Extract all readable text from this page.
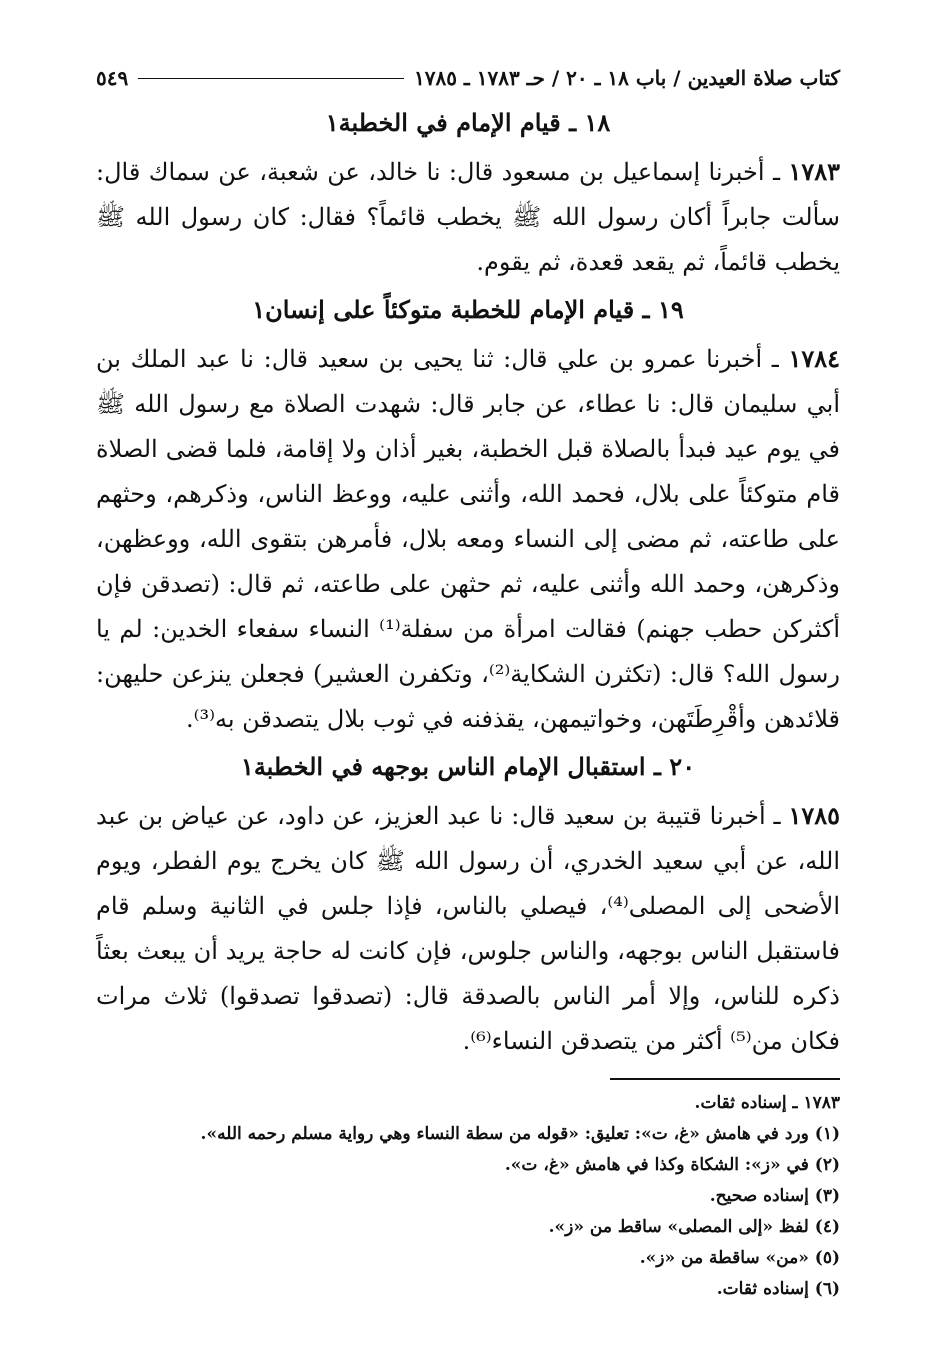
كتاب صلاة العيدين / باب ١٨ ـ ٢٠ / حـ ١٧٨٣ ـ ١٧٨٥
٥٤٩
١٨ ـ قيام الإمام في الخطبة١

١٧٨٣ ـ أخبرنا إسماعيل بن مسعود قال: نا خالد، عن شعبة، عن سماك قال: سألت جابراً أكان رسول الله ﷺ يخطب قائماً؟ فقال: كان رسول الله ﷺ يخطب قائماً، ثم يقعد قعدة، ثم يقوم.

١٩ ـ قيام الإمام للخطبة متوكئاً على إنسان١

١٧٨٤ ـ أخبرنا عمرو بن علي قال: ثنا يحيى بن سعيد قال: نا عبد الملك بن أبي سليمان قال: نا عطاء، عن جابر قال: شهدت الصلاة مع رسول الله ﷺ في يوم عيد فبدأ بالصلاة قبل الخطبة، بغير أذان ولا إقامة، فلما قضى الصلاة قام متوكئاً على بلال، فحمد الله، وأثنى عليه، ووعظ الناس، وذكرهم، وحثهم على طاعته، ثم مضى إلى النساء ومعه بلال، فأمرهن بتقوى الله، ووعظهن، وذكرهن، وحمد الله وأثنى عليه، ثم حثهن على طاعته، ثم قال: (تصدقن فإن أكثركن حطب جهنم) فقالت امرأة من سفلة⁽¹⁾ النساء سفعاء الخدين: لم يا رسول الله؟ قال: (تكثرن الشكاية⁽²⁾، وتكفرن العشير) فجعلن ينزعن حليهن: قلائدهن وأقْرِطَتَهن، وخواتيمهن، يقذفنه في ثوب بلال يتصدقن به⁽³⁾.

٢٠ ـ استقبال الإمام الناس بوجهه في الخطبة١

١٧٨٥ ـ أخبرنا قتيبة بن سعيد قال: نا عبد العزيز، عن داود، عن عياض بن عبد الله، عن أبي سعيد الخدري، أن رسول الله ﷺ كان يخرج يوم الفطر، ويوم الأضحى إلى المصلى⁽⁴⁾، فيصلي بالناس، فإذا جلس في الثانية وسلم قام فاستقبل الناس بوجهه، والناس جلوس، فإن كانت له حاجة يريد أن يبعث بعثاً ذكره للناس، وإلا أمر الناس بالصدقة قال: (تصدقوا تصدقوا) ثلاث مرات فكان من⁽⁵⁾ أكثر من يتصدقن النساء⁽⁶⁾.

١٧٨٣ ـ إسناده ثقات.
(١) ورد في هامش «غ، ت»: تعليق: «قوله من سطة النساء وهي رواية مسلم رحمه الله».
(٢) في «ز»: الشكاة وكذا في هامش «غ، ت».
(٣) إسناده صحيح.
(٤) لفظ «إلى المصلى» ساقط من «ز».
(٥) «من» ساقطة من «ز».
(٦) إسناده ثقات.
